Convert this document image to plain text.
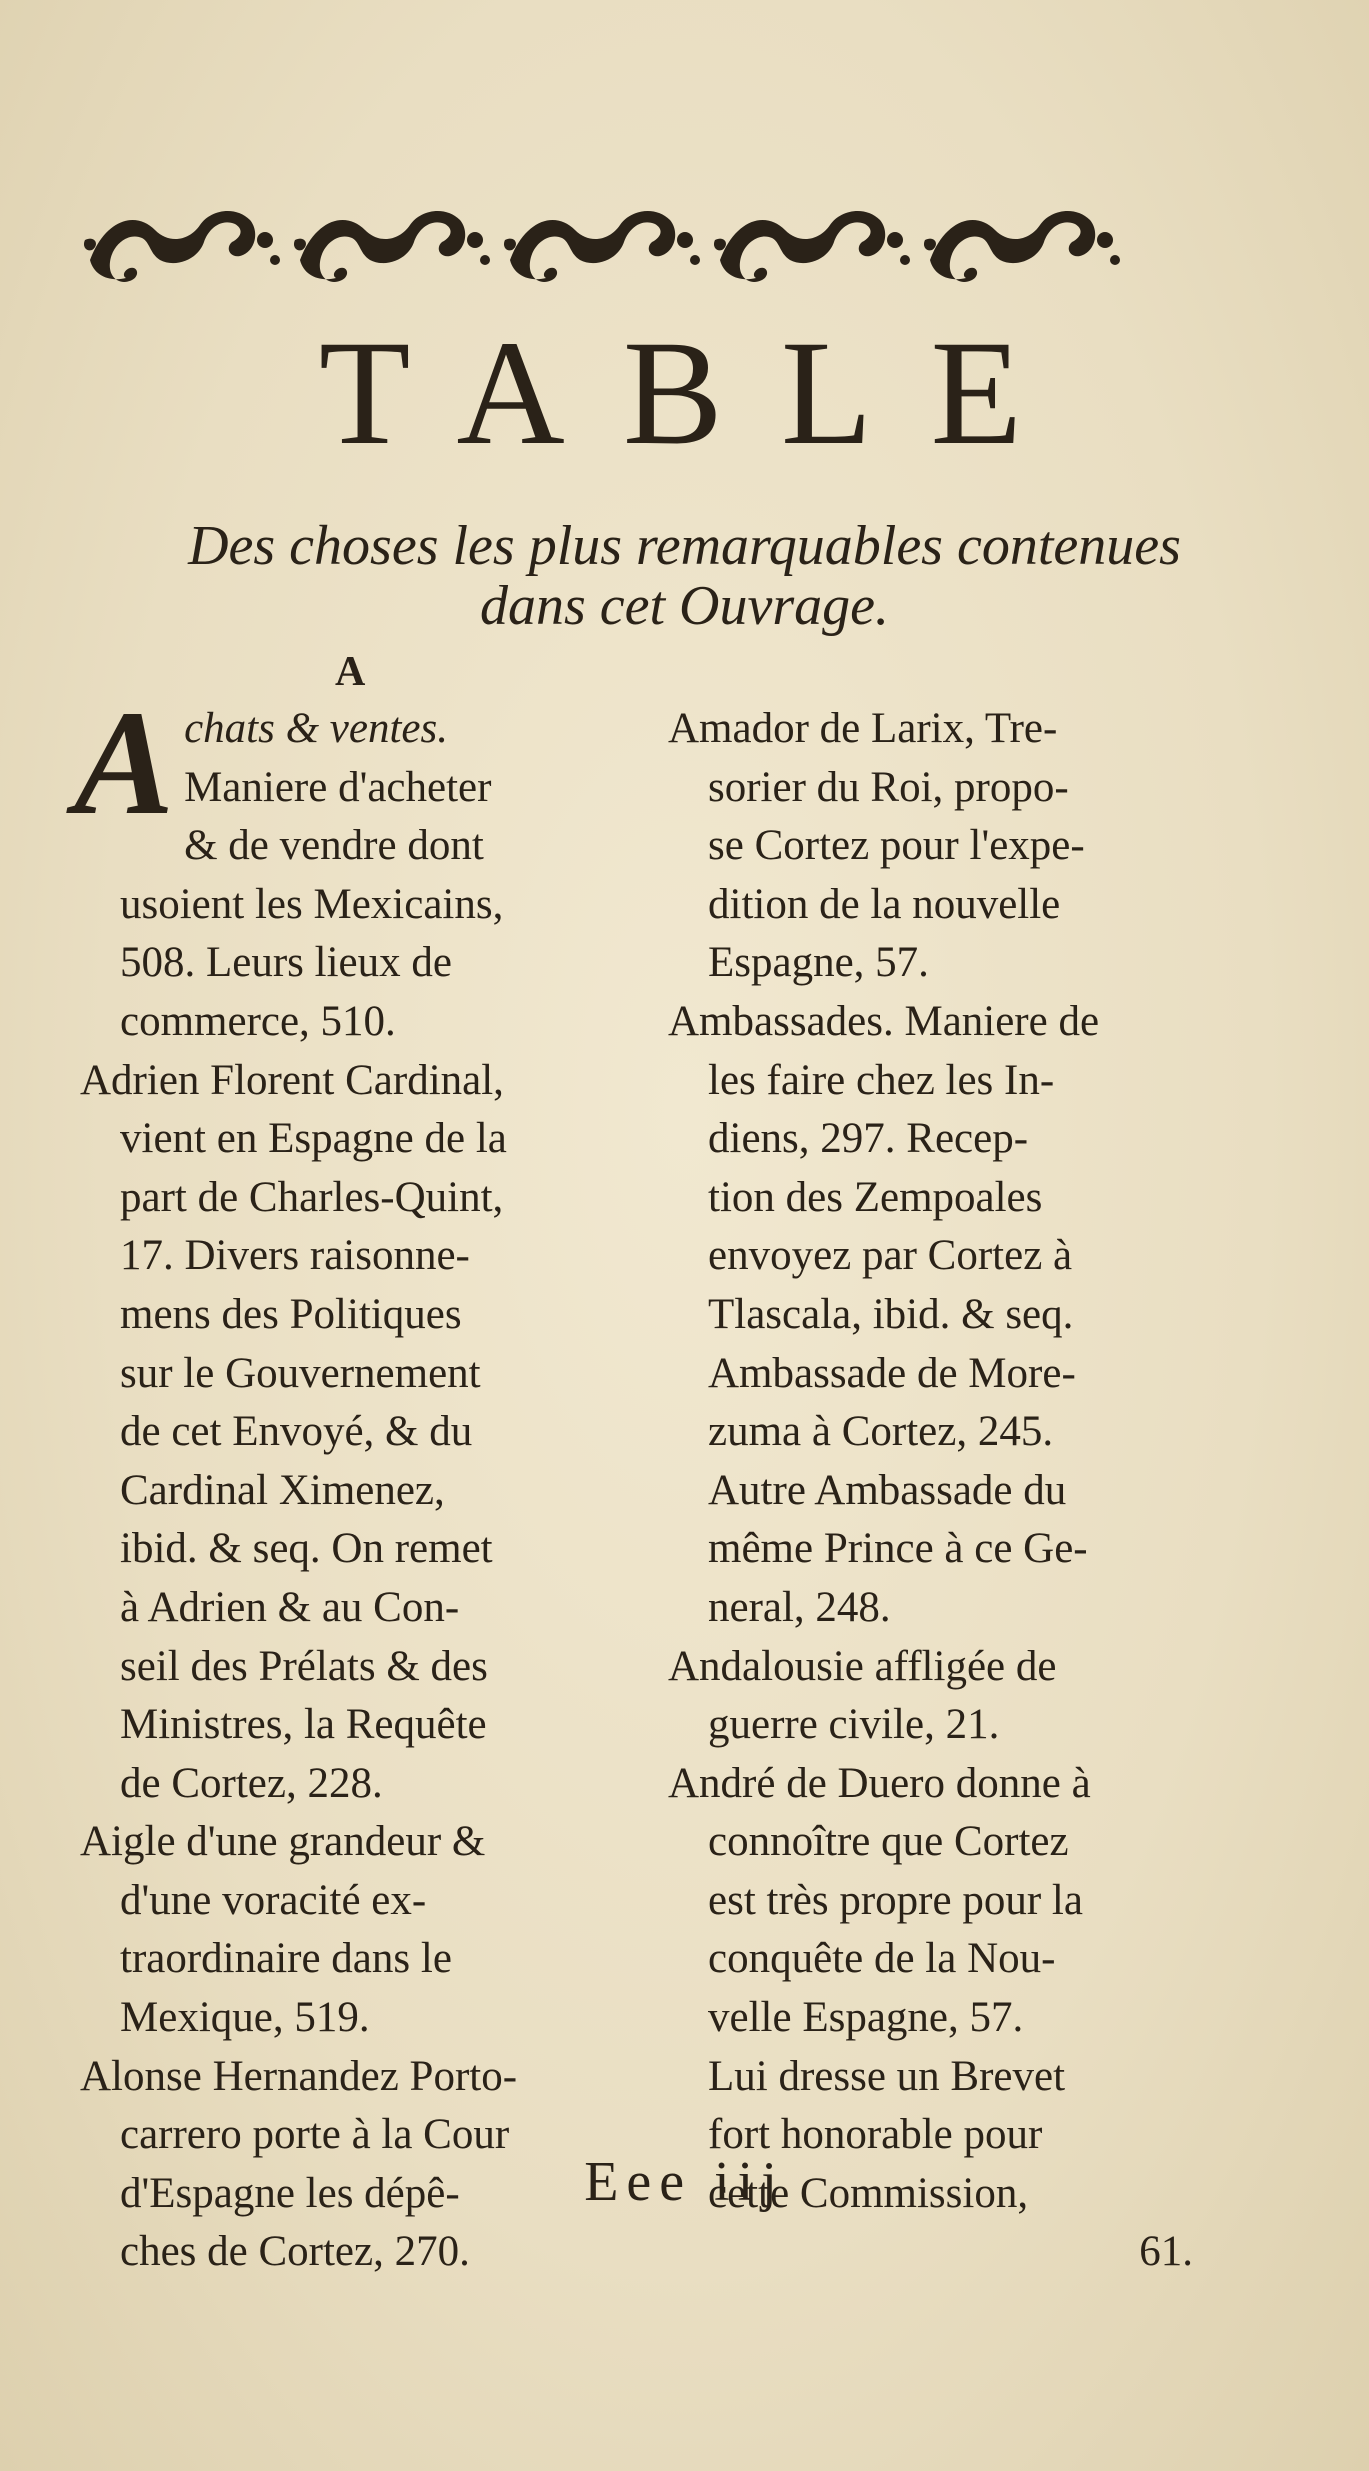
TABLE
Des choses les plus remarquables contenues
dans cet Ouvrage.
A
A chats & ventes.
Maniere d'acheter
& de vendre dont
usoient les Mexicains,
508. Leurs lieux de
commerce, 510.
Adrien Florent Cardinal,
vient en Espagne de la
part de Charles-Quint,
17. Divers raisonne-
mens des Politiques
sur le Gouvernement
de cet Envoyé, & du
Cardinal Ximenez,
ibid. & seq. On remet
à Adrien & au Con-
seil des Prélats & des
Ministres, la Requête
de Cortez, 228.
Aigle d'une grandeur &
d'une voracité ex-
traordinaire dans le
Mexique, 519.
Alonse Hernandez Porto-
carrero porte à la Cour
d'Espagne les dépê-
ches de Cortez, 270.
Amador de Larix, Tre-
sorier du Roi, propo-
se Cortez pour l'expe-
dition de la nouvelle
Espagne, 57.
Ambassades. Maniere de
les faire chez les In-
diens, 297. Recep-
tion des Zempoales
envoyez par Cortez à
Tlascala, ibid. & seq.
Ambassade de More-
zuma à Cortez, 245.
Autre Ambassade du
même Prince à ce Ge-
neral, 248.
Andalousie affligée de
guerre civile, 21.
André de Duero donne à
connoître que Cortez
est très propre pour la
conquête de la Nou-
velle Espagne, 57.
Lui dresse un Brevet
fort honorable pour
cette Commission,
61.
Eee iij
